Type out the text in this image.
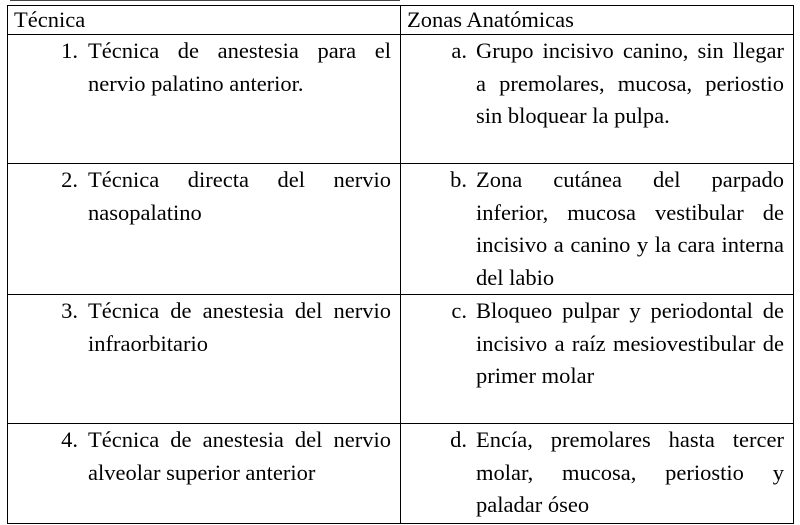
Técnica	Zonas Anatómicas

1. Técnica de anestesia para el nervio palatino anterior.	a. Grupo incisivo canino, sin llegar a premolares, mucosa, periostio sin bloquear la pulpa.

2. Técnica directa del nervio nasopalatino	b. Zona cutánea del parpado inferior, mucosa vestibular de incisivo a canino y la cara interna del labio

3. Técnica de anestesia del nervio infraorbitario	c. Bloqueo pulpar y periodontal de incisivo a raíz mesiovestibular de primer molar

4. Técnica de anestesia del nervio alveolar superior anterior	d. Encía, premolares hasta tercer molar, mucosa, periostio y paladar óseo
